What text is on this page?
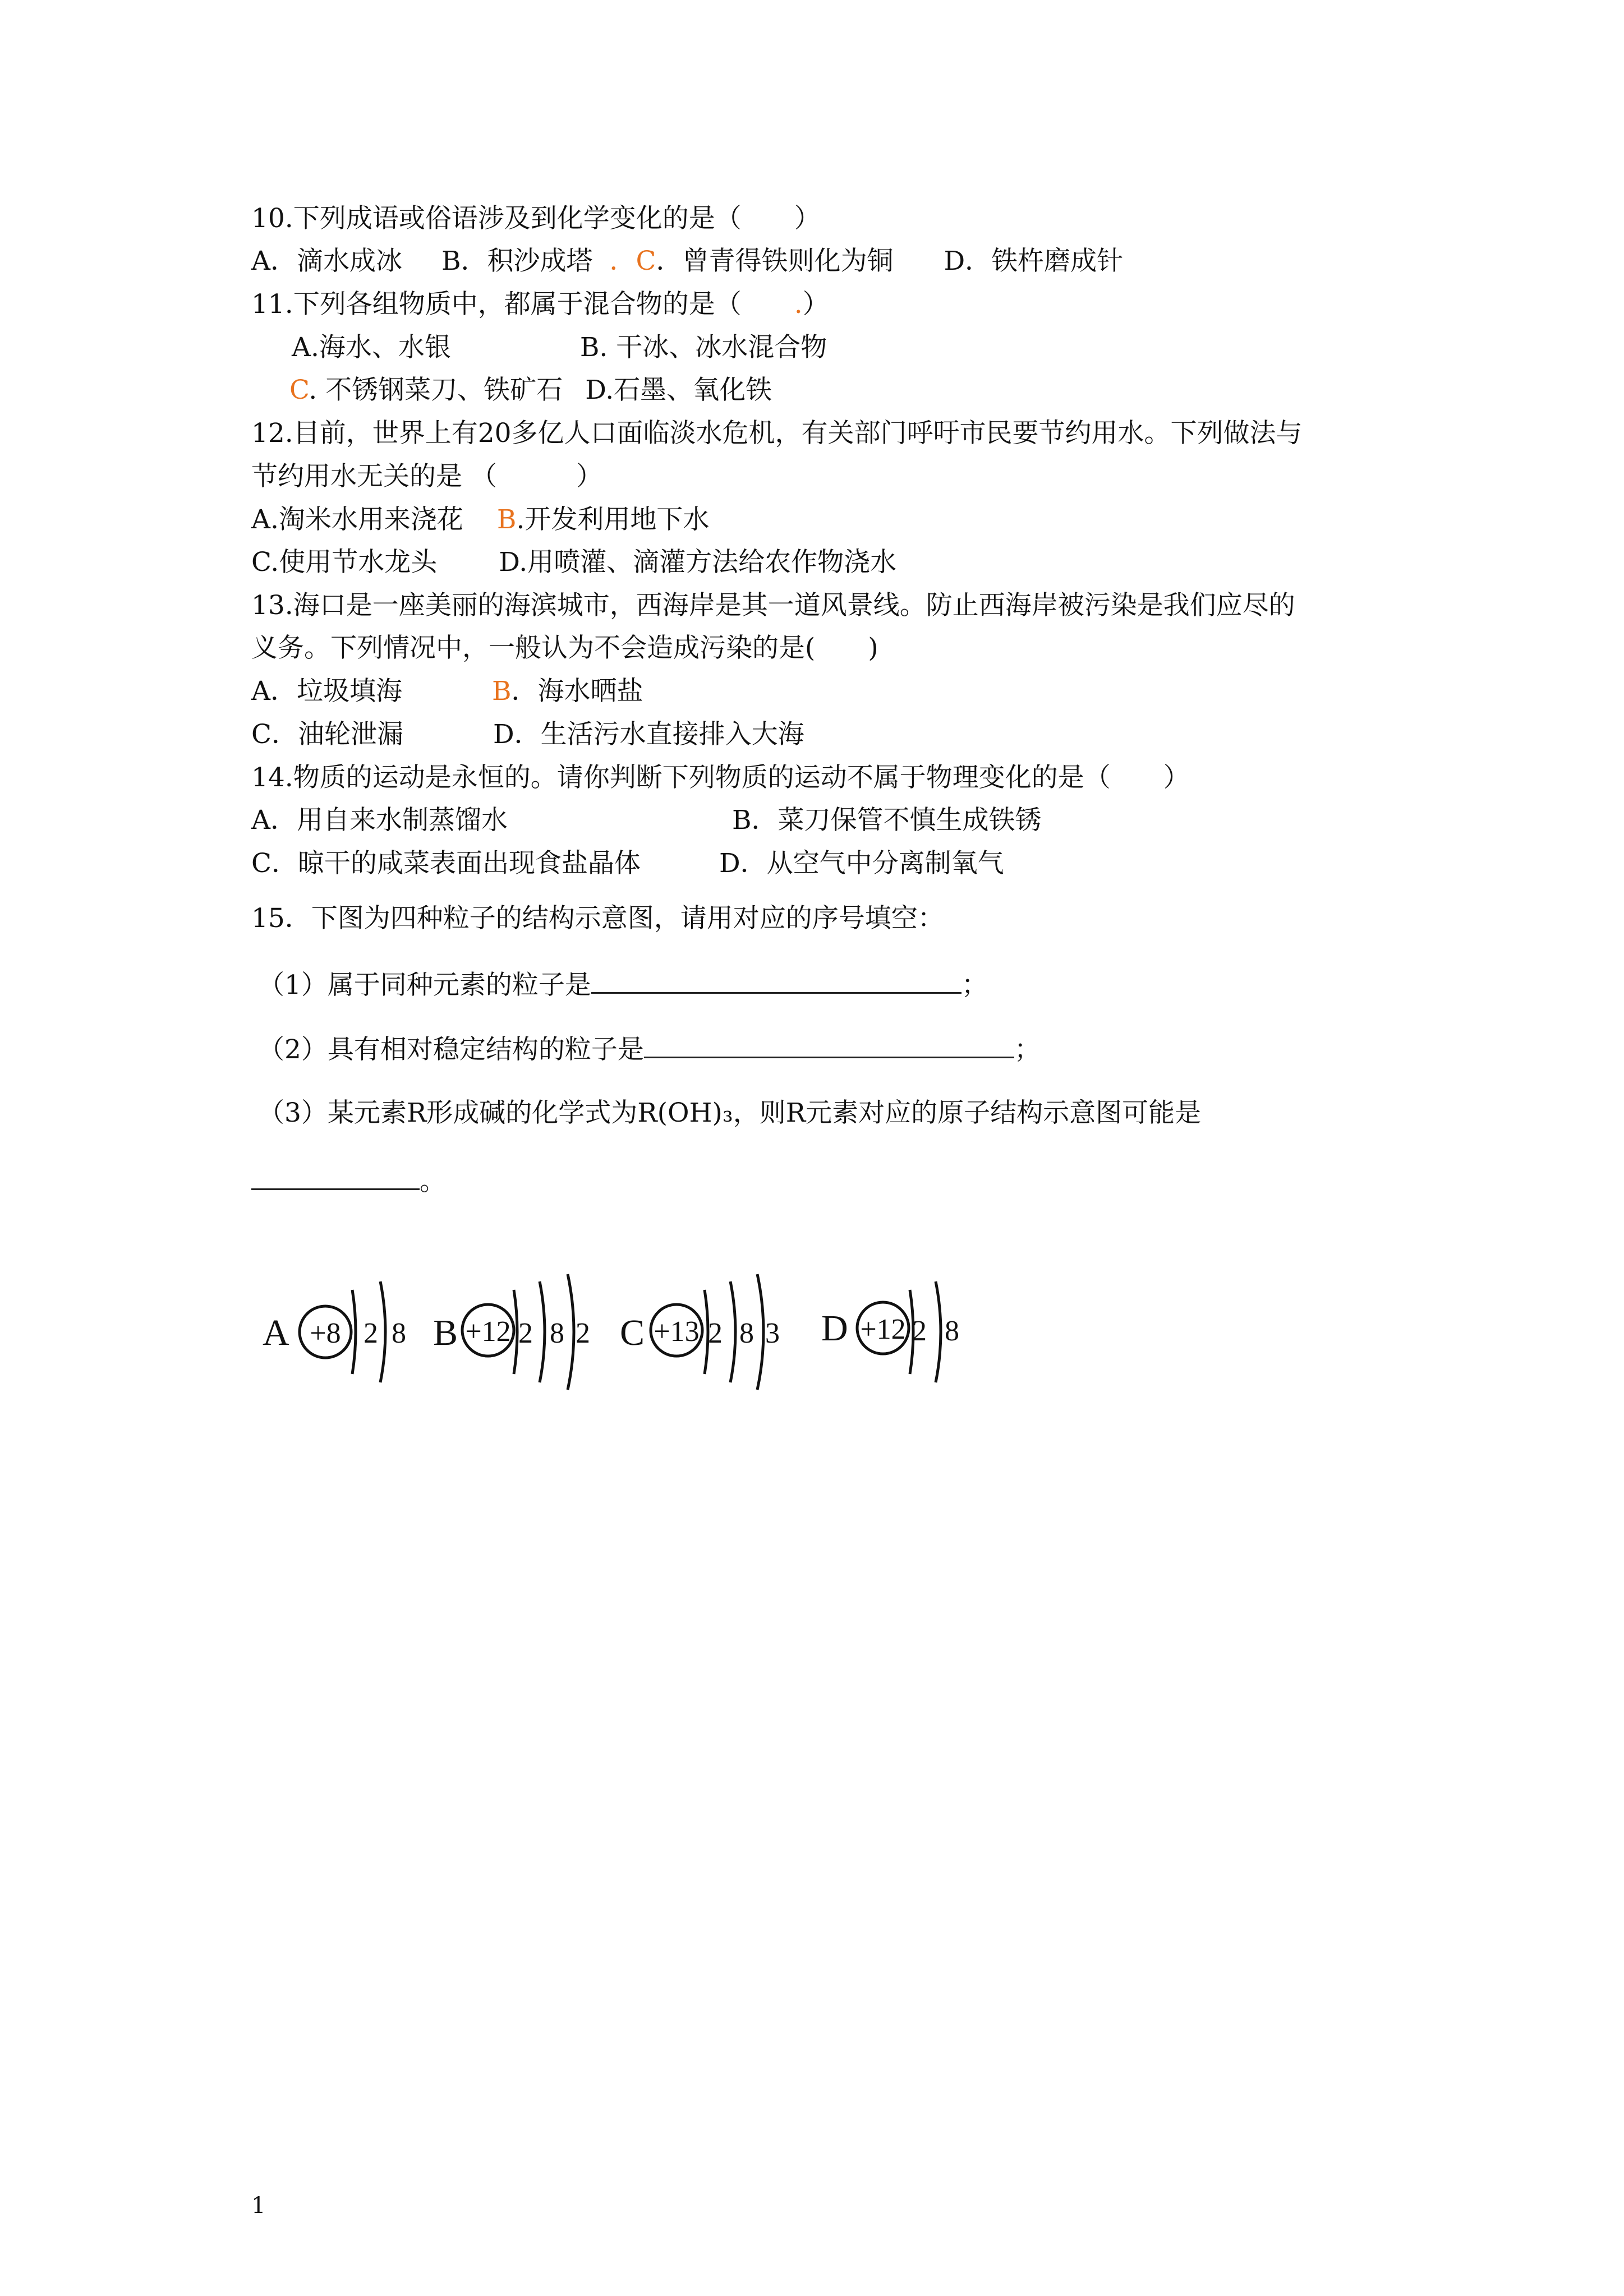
10.下列成语或俗语涉及到化学变化的是（　　）
A．滴水成冰 B．积沙成塔 ．C．曾青得铁则化为铜 D．铁杵磨成针
11.下列各组物质中，都属于混合物的是（　　.）
A.海水、水银	B. 干冰、冰水混合物
C. 不锈钢菜刀、铁矿石 D.石墨、氧化铁
12.目前，世界上有20多亿人口面临淡水危机，有关部门呼吁市民要节约用水。下列做法与
节约用水无关的是 （　　　）
A.淘米水用来浇花 B.开发利用地下水
C.使用节水龙头 D.用喷灌、滴灌方法给农作物浇水
13.海口是一座美丽的海滨城市，西海岸是其一道风景线。防止西海岸被污染是我们应尽的
义务。下列情况中，一般认为不会造成污染的是(　　)
A．垃圾填海	B．海水晒盐
C．油轮泄漏	D．生活污水直接排入大海
14.物质的运动是永恒的。请你判断下列物质的运动不属于物理变化的是（　　）
A．用自来水制蒸馏水	B．菜刀保管不慎生成铁锈
C．晾干的咸菜表面出现食盐晶体	D．从空气中分离制氧气
15．下图为四种粒子的结构示意图，请用对应的序号填空：
（1）属于同种元素的粒子是	；
（2）具有相对稳定结构的粒子是	；
（3）某元素R形成碱的化学式为R(OH)₃，则R元素对应的原子结构示意图可能是
。
A +8 2 8 B +12 2 8 2 C +13 2 8 3 D +12 2 8
1
